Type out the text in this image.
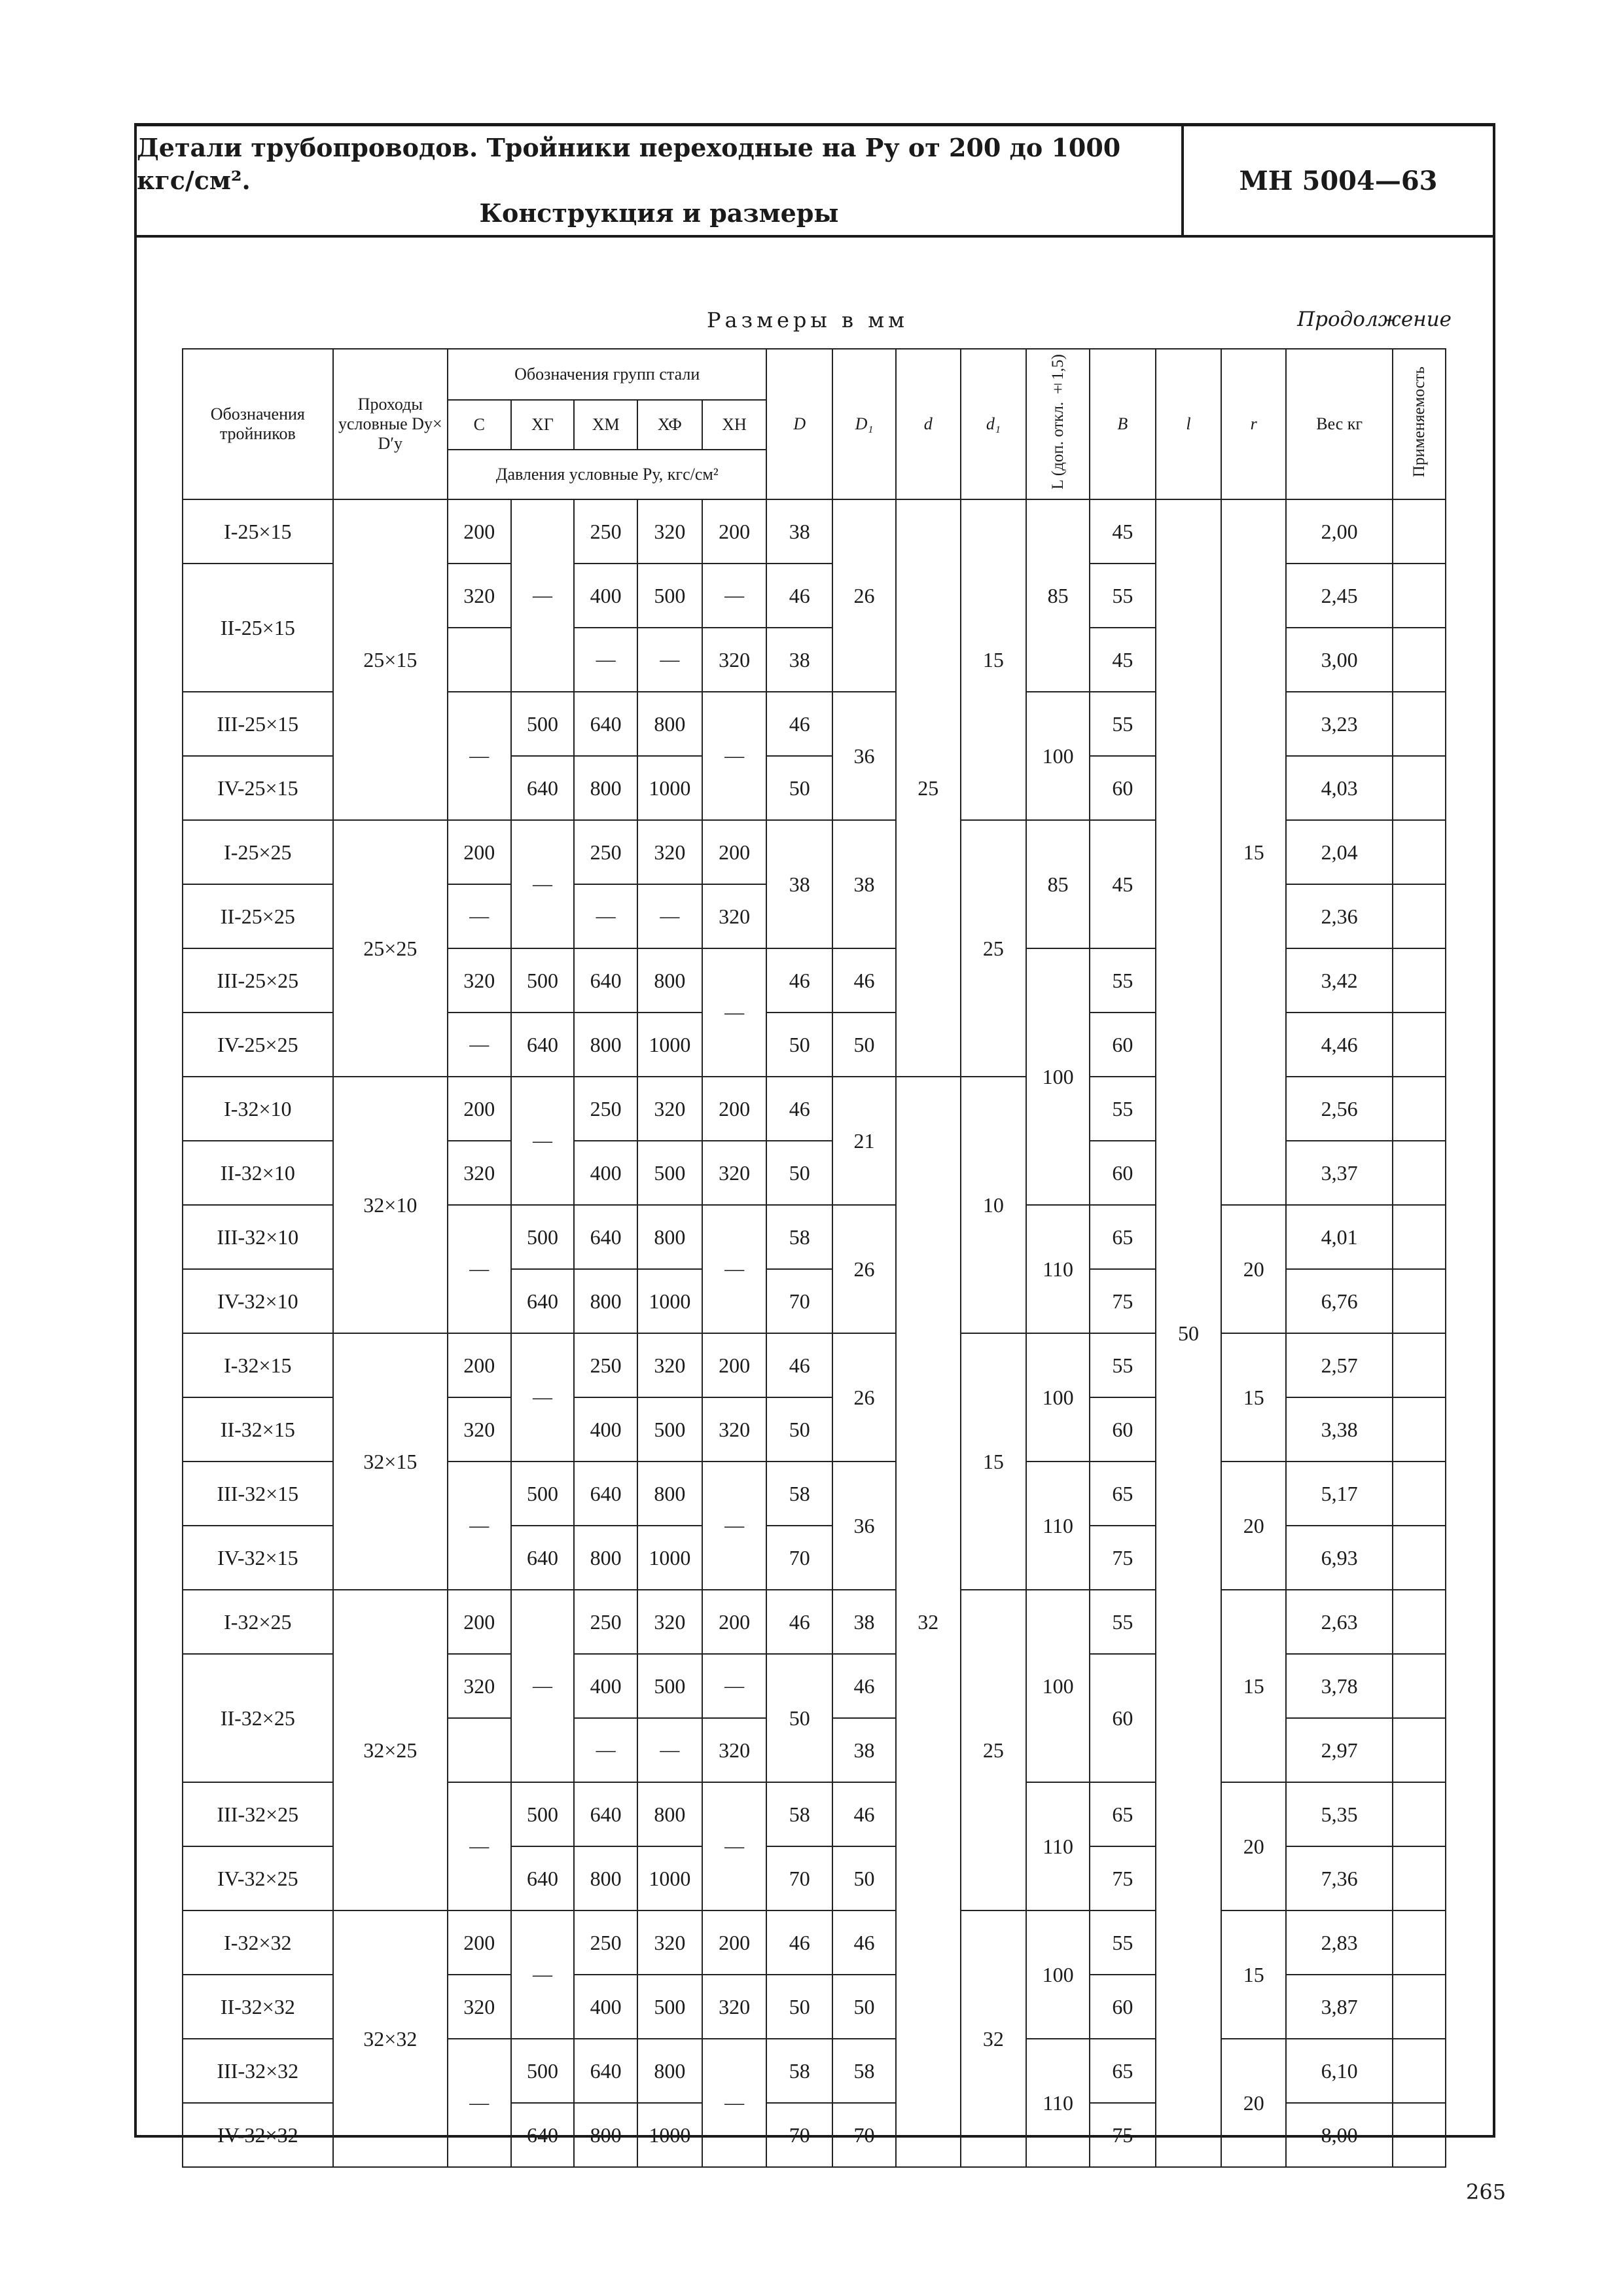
Детали трубопроводов. Тройники переходные на Pу от 200 до 1000 кгс/см².
Конструкция и размеры
МН 5004—63
Размеры в мм	Продолжение
Обозначения тройников	Проходы условные Dу× D′у	Обозначения групп стали					D	D₁	d	d₁	L (доп. откл. ±1,5)	B	l	r	Вес кг	Применяемость
		С	ХГ	ХМ	ХФ	ХН										
		Давления условные Pу, кгс/см²														
I-25×15	25×15	200	—	250	320	200	38	26	25	15	85	45	50	15	2,00	
II-25×15		320		400	500	—	46					55			2,45	
				—	—	320	38					45			3,00	
III-25×15		—	500	640	800	—	46	36			100	55			3,23	
IV-25×15			640	800	1000		50					60			4,03	
I-25×25	25×25	200	—	250	320	200	38	38		25	85	45			2,04	
II-25×25		—		—	—	320									2,36	
III-25×25		320	500	640	800	—	46	46			100	55			3,42	
IV-25×25		—	640	800	1000		50	50				60			4,46	
I-32×10	32×10	200	—	250	320	200	46	21	32	10		55			2,56	
II-32×10		320		400	500	320	50					60			3,37	
III-32×10		—	500	640	800	—	58	26			110	65		20	4,01	
IV-32×10			640	800	1000		70					75			6,76	
I-32×15	32×15	200	—	250	320	200	46	26		15	100	55		15	2,57	
II-32×15		320		400	500	320	50					60			3,38	
III-32×15		—	500	640	800	—	58	36			110	65		20	5,17	
IV-32×15			640	800	1000		70					75			6,93	
I-32×25	32×25	200	—	250	320	200	46	38		25	100	55		15	2,63	
II-32×25		320		400	500	—	50	46				60			3,78	
				—	—	320		38							2,97	
III-32×25		—	500	640	800	—	58	46			110	65		20	5,35	
IV-32×25			640	800	1000		70	50				75			7,36	
I-32×32	32×32	200	—	250	320	200	46	46		32	100	55		15	2,83	
II-32×32		320		400	500	320	50	50				60			3,87	
III-32×32		—	500	640	800	—	58	58			110	65		20	6,10	
IV-32×32			640	800	1000		70	70				75			8,00	
265
